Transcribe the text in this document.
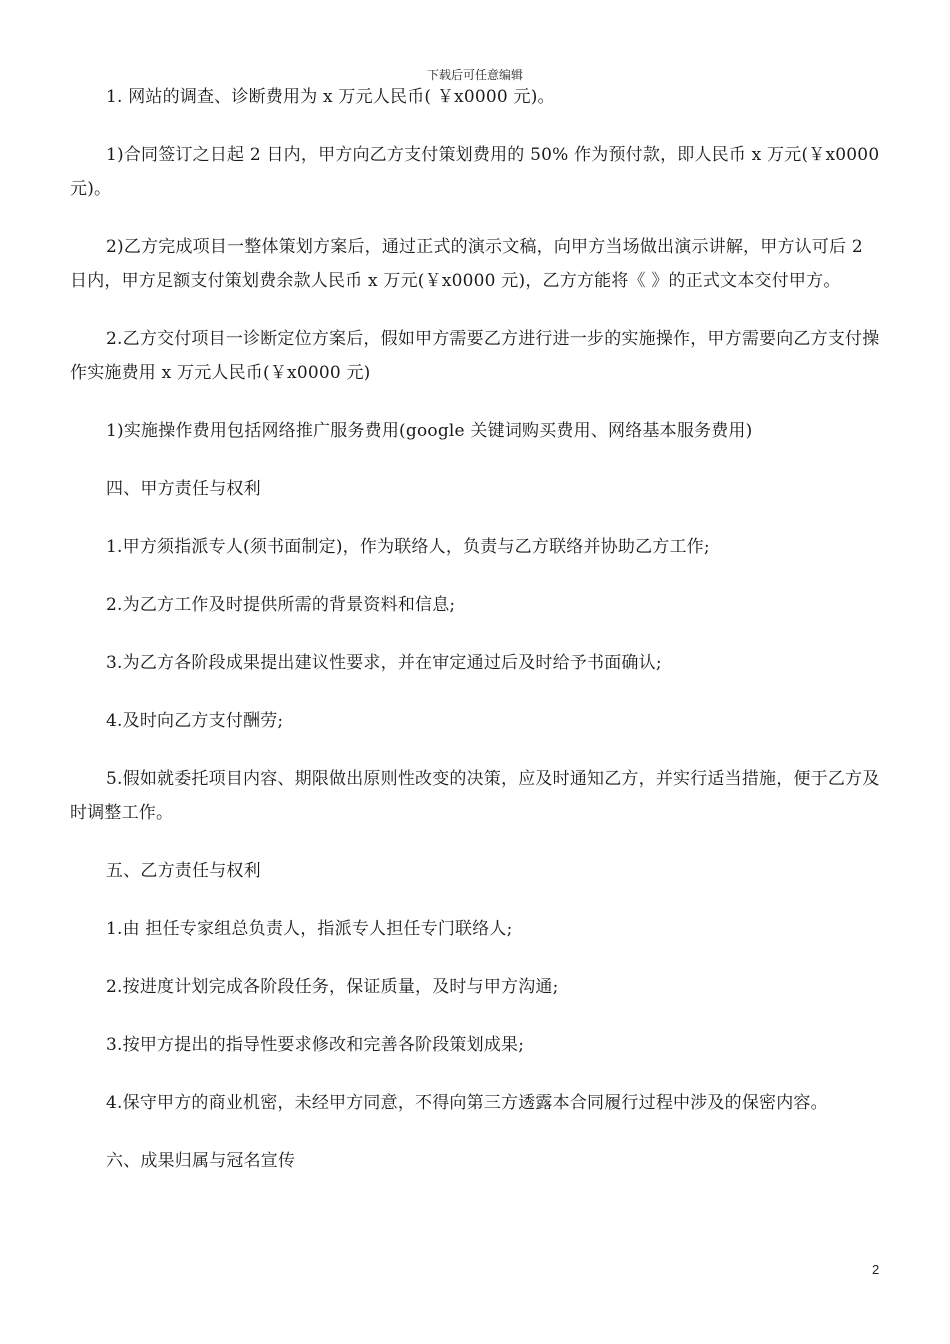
下载后可任意编辑

1. 网站的调查、诊断费用为 x 万元人民币( ￥x0000 元)。

1)合同签订之日起 2 日内，甲方向乙方支付策划费用的 50% 作为预付款，即人民币 x 万元(￥x0000 元)。

2)乙方完成项目一整体策划方案后，通过正式的演示文稿，向甲方当场做出演示讲解，甲方认可后 2 日内，甲方足额支付策划费余款人民币 x 万元(￥x0000 元)，乙方方能将《 》的正式文本交付甲方。

2.乙方交付项目一诊断定位方案后，假如甲方需要乙方进行进一步的实施操作，甲方需要向乙方支付操作实施费用 x 万元人民币(￥x0000 元)

1)实施操作费用包括网络推广服务费用(google 关键词购买费用、网络基本服务费用)

四、甲方责任与权利

1.甲方须指派专人(须书面制定)，作为联络人，负责与乙方联络并协助乙方工作;

2.为乙方工作及时提供所需的背景资料和信息;

3.为乙方各阶段成果提出建议性要求，并在审定通过后及时给予书面确认;

4.及时向乙方支付酬劳;

5.假如就委托项目内容、期限做出原则性改变的决策，应及时通知乙方，并实行适当措施，便于乙方及时调整工作。

五、乙方责任与权利

1.由 担任专家组总负责人，指派专人担任专门联络人;

2.按进度计划完成各阶段任务，保证质量，及时与甲方沟通;

3.按甲方提出的指导性要求修改和完善各阶段策划成果;

4.保守甲方的商业机密，未经甲方同意，不得向第三方透露本合同履行过程中涉及的保密内容。

六、成果归属与冠名宣传

2
